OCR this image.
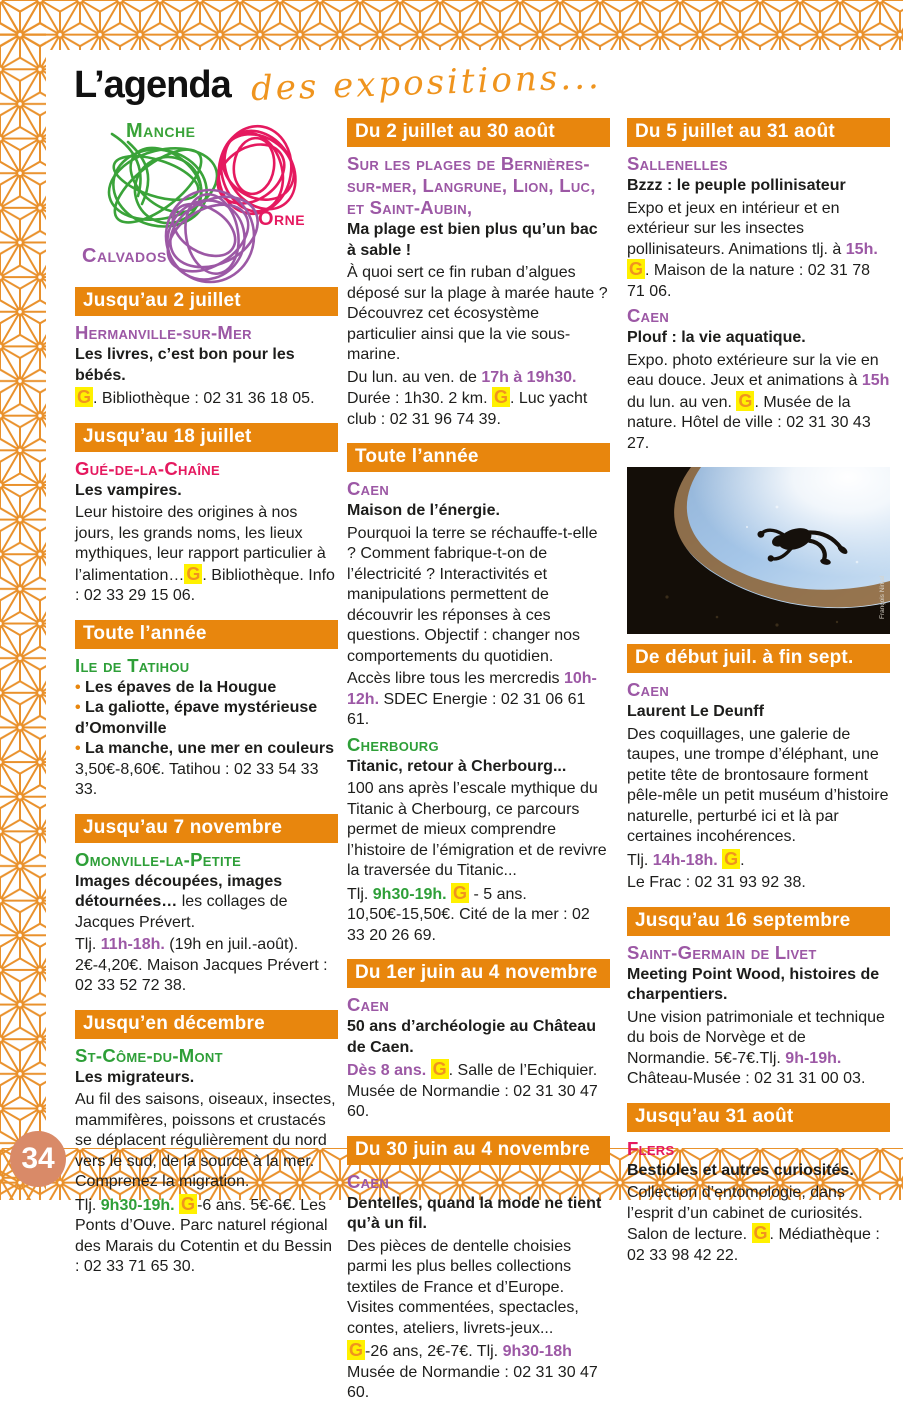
34
L’agenda des expositions...
Manche
Orne
Calvados
Jusqu’au 2 juillet
Hermanville-sur-Mer

Les livres, c’est bon pour les bébés.

G . Bibliothèque : 02 31 36 18 05.

Jusqu’au 18 juillet
Gué-de-la-Chaîne

Les vampires.

Leur histoire des origines à nos jours, les grands noms, les lieux mythiques, leur rapport particulier à l’alimentation… G . Bibliothèque. Info : 02 33 29 15 06.

Toute l’année
Ile de Tatihou
• Les épaves de la Hougue
• La galiotte, épave mystérieuse d’Omonville
• La manche, une mer en couleurs

3,50€-8,60€. Tatihou : 02 33 54 33 33.

Jusqu’au 7 novembre
Omonville-la-Petite

Images découpées, images détournées… les collages de Jacques Prévert.

Tlj. 11h-18h. (19h en juil.-août). 2€-4,20€. Maison Jacques Prévert : 02 33 52 72 38.

Jusqu’en décembre
St-Côme-du-Mont

Les migrateurs.

Au fil des saisons, oiseaux, insectes, mammifères, poissons et crustacés se déplacent régulièrement du nord vers le sud, de la source à la mer. Comprenez la migration.

Tlj. 9h30-19h. G -6 ans. 5€-6€. Les Ponts d’Ouve. Parc naturel régional des Marais du Cotentin et du Bessin : 02 33 71 65 30.

Du 2 juillet au 30 août
Sur les plages de Bernières-sur-mer, Langrune, Lion, Luc, et Saint-Aubin,

Ma plage est bien plus qu’un bac à sable !

À quoi sert ce fin ruban d’algues déposé sur la plage à marée haute ? Découvrez cet écosystème particulier ainsi que la vie sous-marine.

Du lun. au ven. de 17h à 19h30. Durée : 1h30. 2 km. G . Luc yacht club : 02 31 96 74 39.

Toute l’année
Caen

Maison de l’énergie.

Pourquoi la terre se réchauffe-t-elle ? Comment fabrique-t-on de l’électricité ? Interactivités et manipulations permettent de découvrir les réponses à ces questions. Objectif : changer nos comportements du quotidien.

Accès libre tous les mercredis 10h-12h. SDEC Energie : 02 31 06 61 61.

Cherbourg

Titanic, retour à Cherbourg...

100 ans après l’escale mythique du Titanic à Cherbourg, ce parcours permet de mieux comprendre l’histoire de l’émigration et de revivre la traversée du Titanic...

Tlj. 9h30-19h. G - 5 ans. 10,50€-15,50€. Cité de la mer : 02 33 20 26 69.

Du 1er juin au 4 novembre
Caen

50 ans d’archéologie au Château de Caen.

Dès 8 ans. G . Salle de l’Echiquier. Musée de Normandie : 02 31 30 47 60.

Du 30 juin au 4 novembre
Caen

Dentelles, quand la mode ne tient qu’à un fil.

Des pièces de dentelle choisies parmi les plus belles collections textiles de France et d’Europe. Visites commentées, spectacles, contes, ateliers, livrets-jeux...

G -26 ans, 2€-7€. Tlj. 9h30-18h Musée de Normandie : 02 31 30 47 60.

Du 5 juillet au 31 août
Sallenelles

Bzzz : le peuple pollinisateur

Expo et jeux en intérieur et en extérieur sur les insectes pollinisateurs. Animations tlj. à 15h. G . Maison de la nature : 02 31 78 71 06.

Caen

Plouf : la vie aquatique.

Expo. photo extérieure sur la vie en eau douce. Jeux et animations à 15h du lun. au ven. G . Musée de la nature. Hôtel de ville : 02 31 30 43 27.

François Nimal
De début juil. à fin sept.
Caen

Laurent Le Deunff

Des coquillages, une galerie de taupes, une trompe d’éléphant, une petite tête de brontosaure forment pêle-mêle un petit muséum d’histoire naturelle, perturbé ici et là par certaines incohérences.

Tlj. 14h-18h. G .

Le Frac : 02 31 93 92 38.

Jusqu’au 16 septembre
Saint-Germain de Livet

Meeting Point Wood, histoires de charpentiers.

Une vision patrimoniale et technique du bois de Norvège et de Normandie. 5€-7€.Tlj. 9h-19h. Château-Musée : 02 31 31 00 03.

Jusqu’au 31 août
Flers

Bestioles et autres curiosités.

Collection d’entomologie, dans l’esprit d’un cabinet de curiosités. Salon de lecture. G . Médiathèque : 02 33 98 42 22.
